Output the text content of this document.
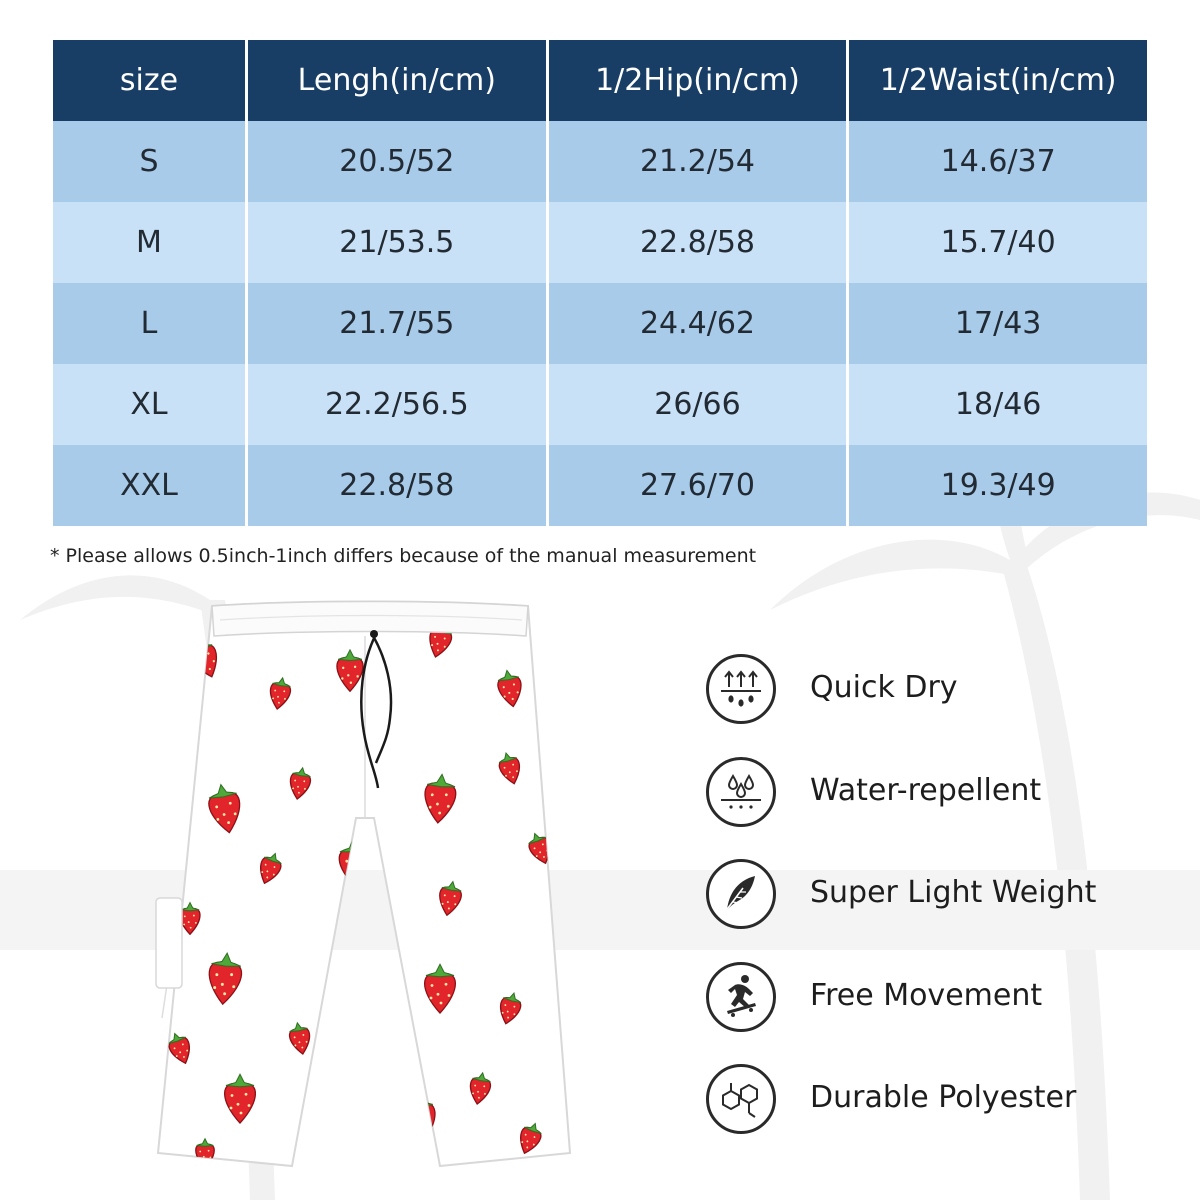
size	Lengh(in/cm)	1/2Hip(in/cm)	1/2Waist(in/cm)
S	20.5/52	21.2/54	14.6/37
M	21/53.5	22.8/58	15.7/40
L	21.7/55	24.4/62	17/43
XL	22.2/56.5	26/66	18/46
XXL	22.8/58	27.6/70	19.3/49
* Please allows 0.5inch-1inch differs because of the manual measurement
Quick Dry
Water-repellent
Super Light Weight
Free Movement
Durable Polyester
